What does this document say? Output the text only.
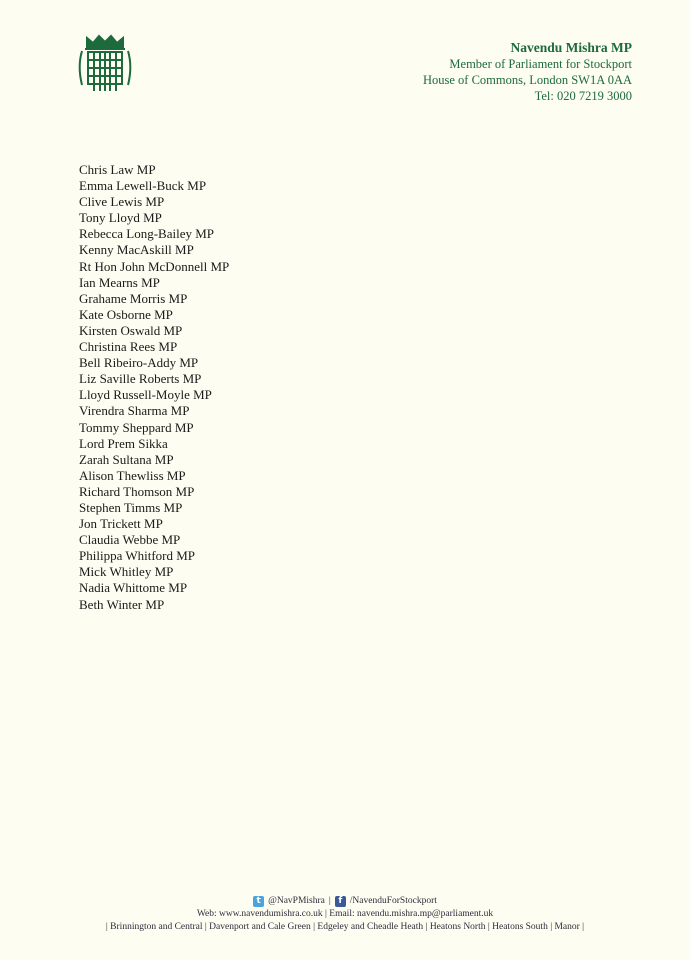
Navendu Mishra MP
Member of Parliament for Stockport
House of Commons, London SW1A 0AA
Tel: 020 7219 3000
Chris Law MP
Emma Lewell-Buck MP
Clive Lewis MP
Tony Lloyd MP
Rebecca Long-Bailey MP
Kenny MacAskill MP
Rt Hon John McDonnell MP
Ian Mearns MP
Grahame Morris MP
Kate Osborne MP
Kirsten Oswald MP
Christina Rees MP
Bell Ribeiro-Addy MP
Liz Saville Roberts MP
Lloyd Russell-Moyle MP
Virendra Sharma MP
Tommy Sheppard MP
Lord Prem Sikka
Zarah Sultana MP
Alison Thewliss MP
Richard Thomson MP
Stephen Timms MP
Jon Trickett MP
Claudia Webbe MP
Philippa Whitford MP
Mick Whitley MP
Nadia Whittome MP
Beth Winter MP
t @NavPMishra | f /NavenduForStockport
Web: www.navendumishra.co.uk | Email: navendu.mishra.mp@parliament.uk
| Brinnington and Central | Davenport and Cale Green | Edgeley and Cheadle Heath | Heatons North | Heatons South | Manor |
